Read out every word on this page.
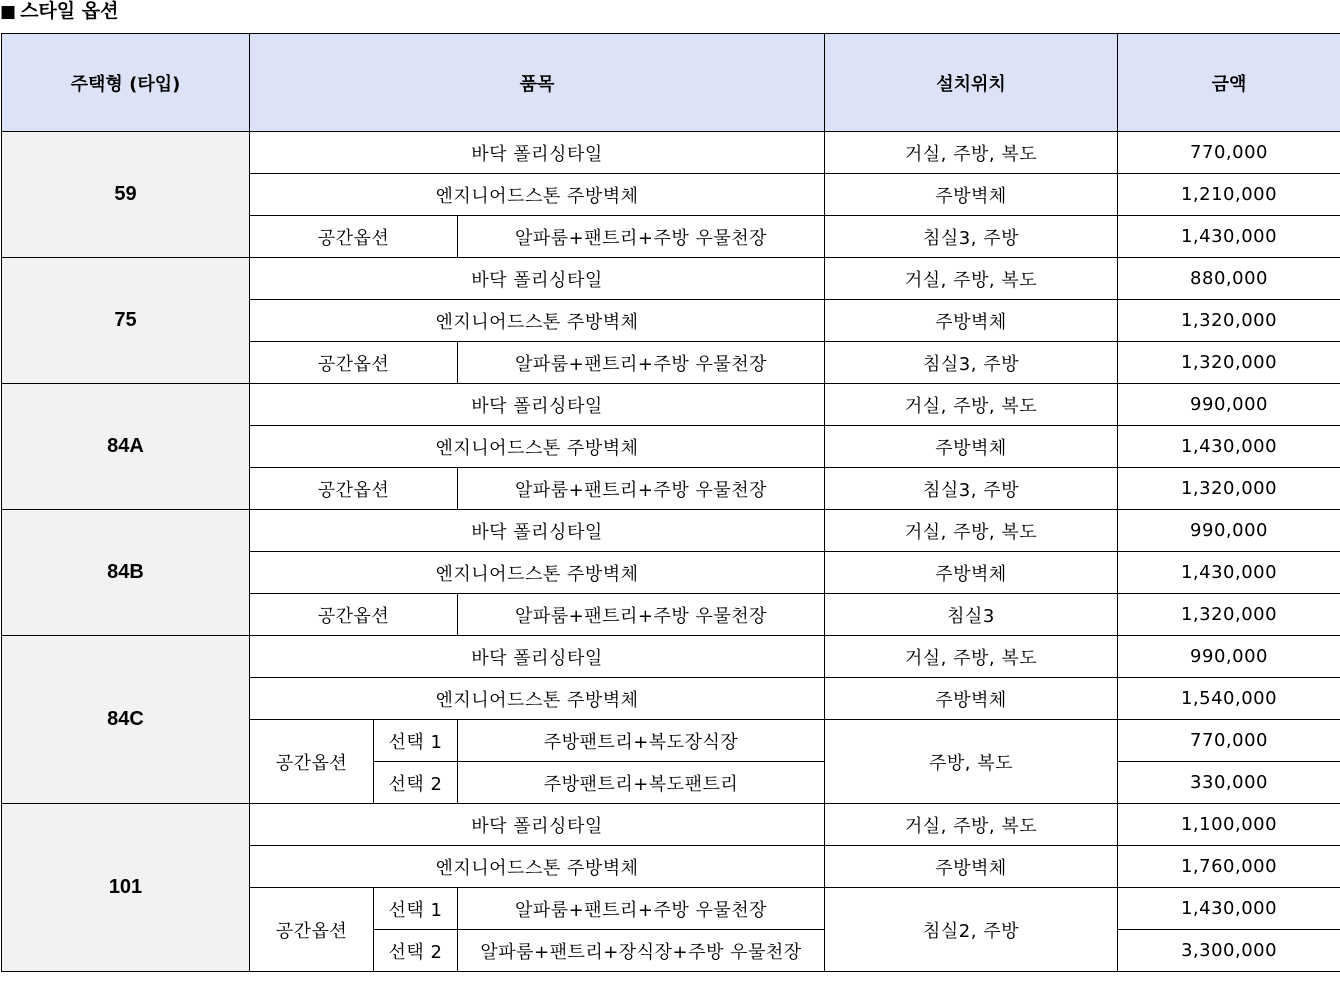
■ 스타일 옵션
주택형 (타입)	품목			설치위치	금액
59	바닥 폴리싱타일			거실, 주방, 복도	770,000
	엔지니어드스톤 주방벽체			주방벽체	1,210,000
	공간옵션		알파룸+팬트리+주방 우물천장	침실3, 주방	1,430,000
75	바닥 폴리싱타일			거실, 주방, 복도	880,000
	엔지니어드스톤 주방벽체			주방벽체	1,320,000
	공간옵션		알파룸+팬트리+주방 우물천장	침실3, 주방	1,320,000
84A	바닥 폴리싱타일			거실, 주방, 복도	990,000
	엔지니어드스톤 주방벽체			주방벽체	1,430,000
	공간옵션		알파룸+팬트리+주방 우물천장	침실3, 주방	1,320,000
84B	바닥 폴리싱타일			거실, 주방, 복도	990,000
	엔지니어드스톤 주방벽체			주방벽체	1,430,000
	공간옵션		알파룸+팬트리+주방 우물천장	침실3	1,320,000
84C	바닥 폴리싱타일			거실, 주방, 복도	990,000
	엔지니어드스톤 주방벽체			주방벽체	1,540,000
	공간옵션	선택 1	주방팬트리+복도장식장	주방, 복도	770,000
		선택 2	주방팬트리+복도팬트리		330,000
101	바닥 폴리싱타일			거실, 주방, 복도	1,100,000
	엔지니어드스톤 주방벽체			주방벽체	1,760,000
	공간옵션	선택 1	알파룸+팬트리+주방 우물천장	침실2, 주방	1,430,000
		선택 2	알파룸+팬트리+장식장+주방 우물천장		3,300,000
